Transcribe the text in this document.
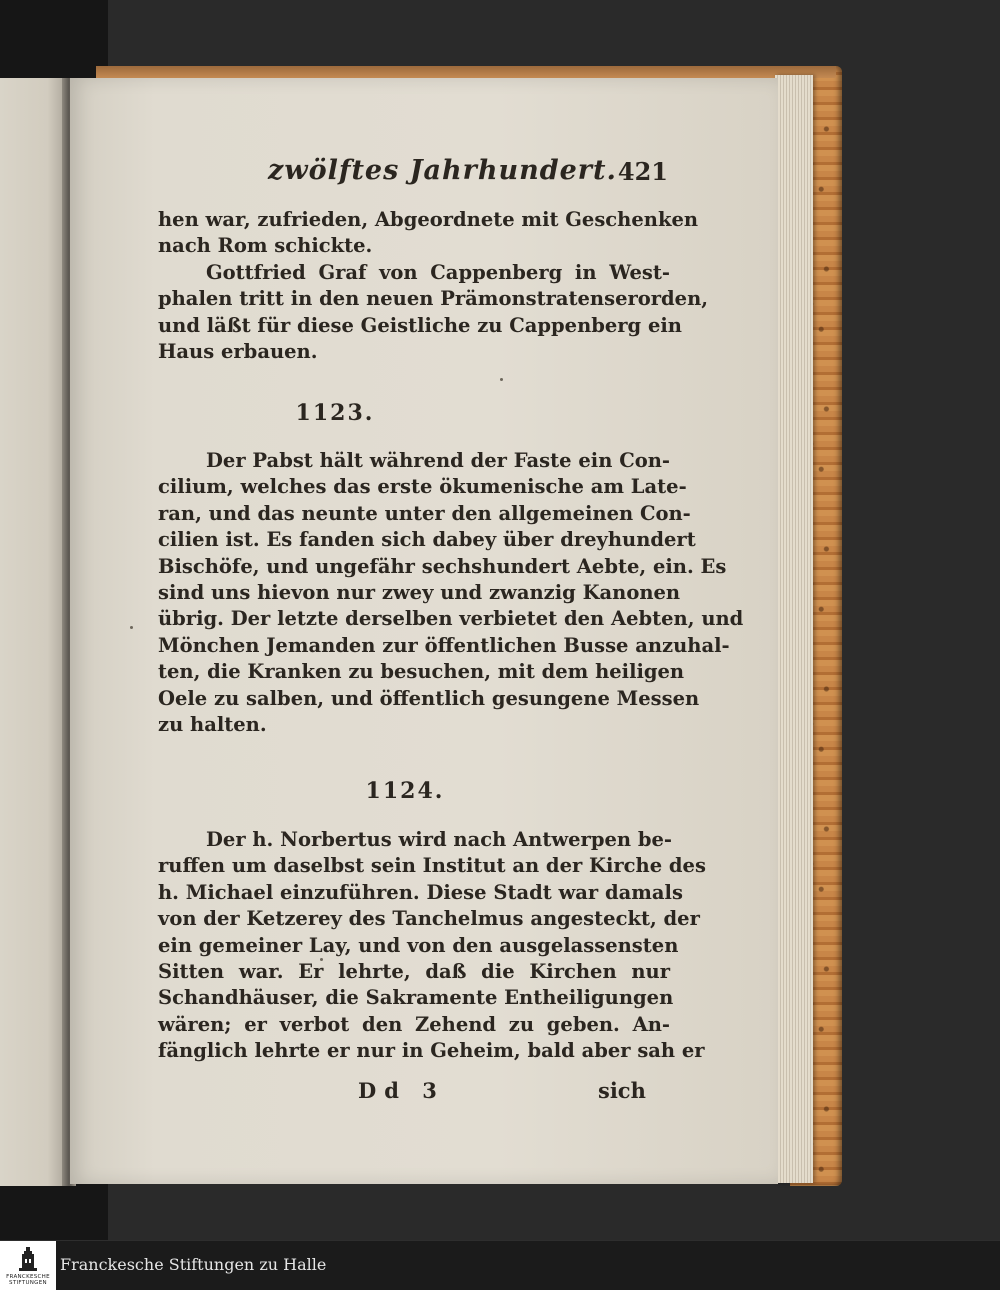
zwölftes Jahrhundert. 421
hen war, zufrieden, Abgeordnete mit Geschenken
nach Rom schickte.
Gottfried Graf von Cappenberg in West-
phalen tritt in den neuen Prämonstratenserorden,
und läßt für diese Geistliche zu Cappenberg ein
Haus erbauen.
1123.
Der Pabst hält während der Faste ein Con-
cilium, welches das erste ökumenische am Late-
ran, und das neunte unter den allgemeinen Con-
cilien ist. Es fanden sich dabey über dreyhundert
Bischöfe, und ungefähr sechshundert Aebte, ein. Es
sind uns hievon nur zwey und zwanzig Kanonen
übrig. Der letzte derselben verbietet den Aebten, und
Mönchen Jemanden zur öffentlichen Busse anzuhal-
ten, die Kranken zu besuchen, mit dem heiligen
Oele zu salben, und öffentlich gesungene Messen
zu halten.
1124.
Der h. Norbertus wird nach Antwerpen be-
ruffen um daselbst sein Institut an der Kirche des
h. Michael einzuführen. Diese Stadt war damals
von der Ketzerey des Tanchelmus angesteckt, der
ein gemeiner Lay, und von den ausgelassensten
Sitten war. Er lehrte, daß die Kirchen nur
Schandhäuser, die Sakramente Entheiligungen
wären; er verbot den Zehend zu geben. An-
fänglich lehrte er nur in Geheim, bald aber sah er
Dd 3	sich
FRANCKESCHE
STIFTUNGEN
Franckesche Stiftungen zu Halle
